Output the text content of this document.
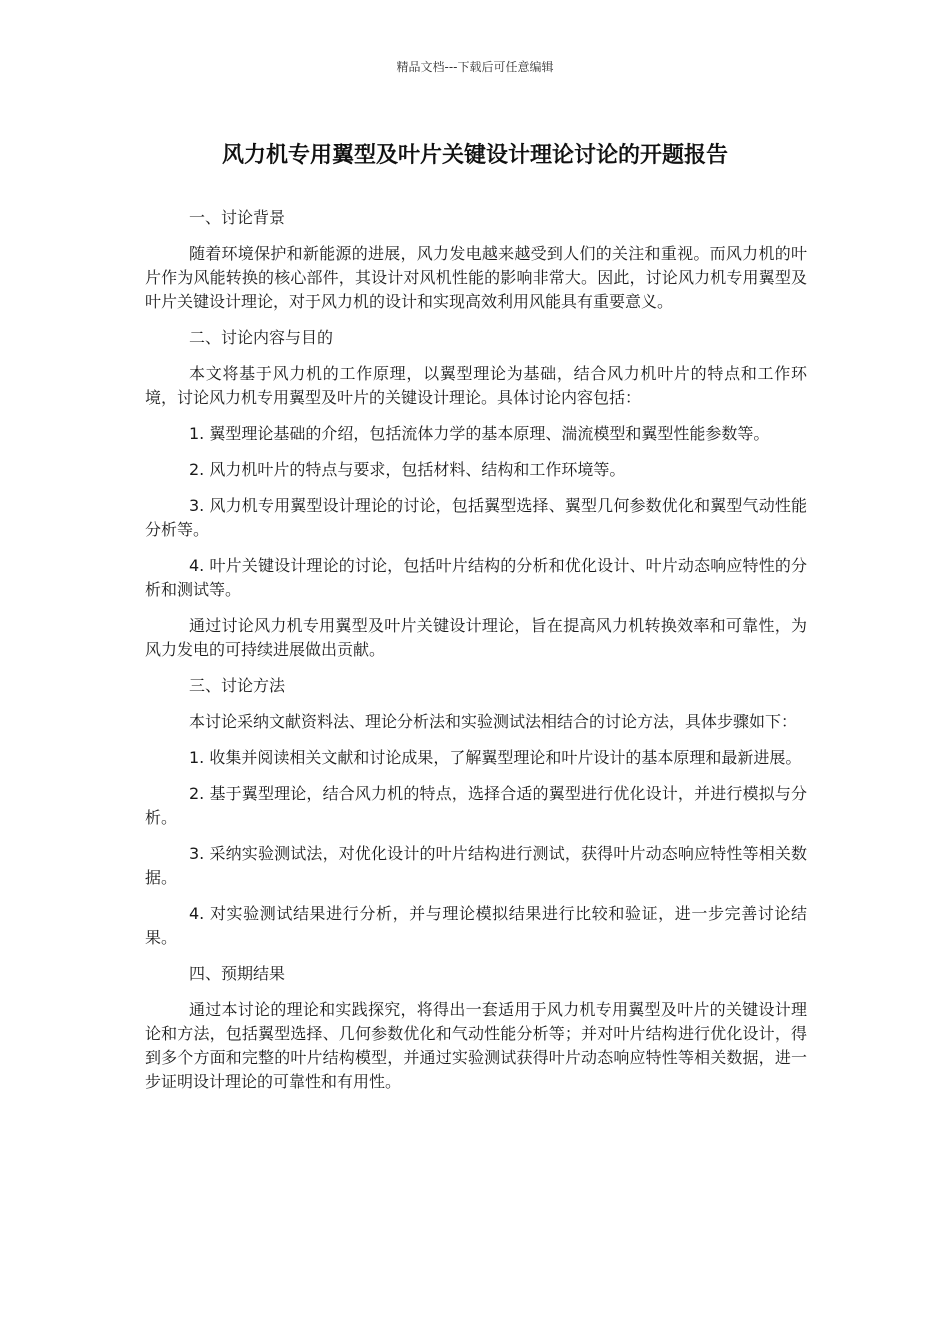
精品文档---下载后可任意编辑
风力机专用翼型及叶片关键设计理论讨论的开题报告

一、讨论背景

随着环境保护和新能源的进展，风力发电越来越受到人们的关注和重视。而风力机的叶片作为风能转换的核心部件，其设计对风机性能的影响非常大。因此，讨论风力机专用翼型及叶片关键设计理论，对于风力机的设计和实现高效利用风能具有重要意义。

二、讨论内容与目的

本文将基于风力机的工作原理，以翼型理论为基础，结合风力机叶片的特点和工作环境，讨论风力机专用翼型及叶片的关键设计理论。具体讨论内容包括：

1. 翼型理论基础的介绍，包括流体力学的基本原理、湍流模型和翼型性能参数等。

2. 风力机叶片的特点与要求，包括材料、结构和工作环境等。

3. 风力机专用翼型设计理论的讨论，包括翼型选择、翼型几何参数优化和翼型气动性能分析等。

4. 叶片关键设计理论的讨论，包括叶片结构的分析和优化设计、叶片动态响应特性的分析和测试等。

通过讨论风力机专用翼型及叶片关键设计理论，旨在提高风力机转换效率和可靠性，为风力发电的可持续进展做出贡献。

三、讨论方法

本讨论采纳文献资料法、理论分析法和实验测试法相结合的讨论方法，具体步骤如下：

1. 收集并阅读相关文献和讨论成果，了解翼型理论和叶片设计的基本原理和最新进展。

2. 基于翼型理论，结合风力机的特点，选择合适的翼型进行优化设计，并进行模拟与分析。

3. 采纳实验测试法，对优化设计的叶片结构进行测试，获得叶片动态响应特性等相关数据。

4. 对实验测试结果进行分析，并与理论模拟结果进行比较和验证，进一步完善讨论结果。

四、预期结果

通过本讨论的理论和实践探究，将得出一套适用于风力机专用翼型及叶片的关键设计理论和方法，包括翼型选择、几何参数优化和气动性能分析等；并对叶片结构进行优化设计，得到多个方面和完整的叶片结构模型，并通过实验测试获得叶片动态响应特性等相关数据，进一步证明设计理论的可靠性和有用性。
